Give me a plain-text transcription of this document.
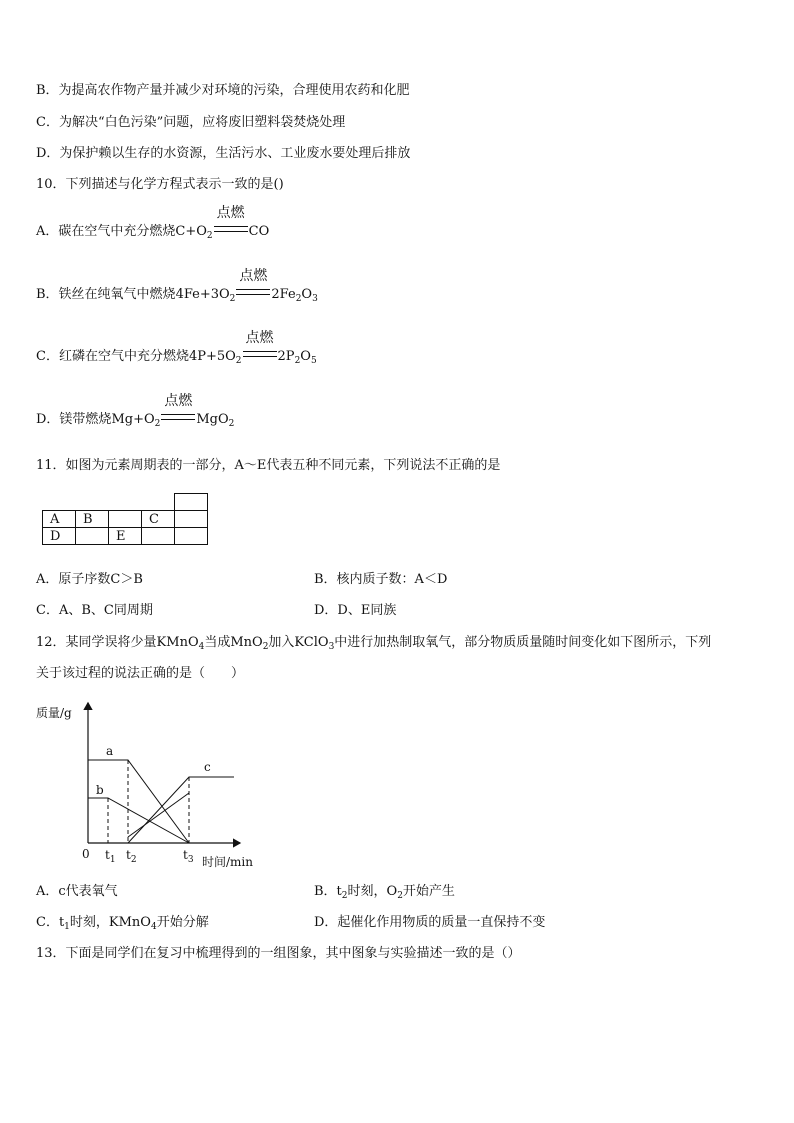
B．为提高农作物产量并减少对环境的污染，合理使用农药和化肥
C．为解决“白色污染”问题，应将废旧塑料袋焚烧处理
D．为保护赖以生存的水资源，生活污水、工业废水要处理后排放
10．下列描述与化学方程式表示一致的是()
A．碳在空气中充分燃烧$C+O_2$
点燃
CO
B．铁丝在纯氧气中燃烧$4Fe+3O_2$
点燃
$2Fe_2O_3$
C．红磷在空气中充分燃烧$4P+5O_2$
点燃
$2P_2O_5$
D．镁带燃烧$Mg+O_2$
点燃
MgO$_2$
11．如图为元素周期表的一部分，A～E代表五种不同元素，下列说法不正确的是

A	B		C	
D		E		
A．原子序数C＞B	B．核内质子数：A＜D
C．A、B、C同周期	D．D、E同族
12．某同学误将少量KMnO$_4$当成MnO$_2$加入KClO$_3$中进行加热制取氧气，部分物质质量随时间变化如下图所示，下列
关于该过程的说法正确的是（　　）
质量/g
a
b
c
0 $t_1$ $t_2$	$t_3$ 时间/min
A．c代表氧气	B．$t_2$时刻，$O_2$开始产生
C．$t_1$时刻，KMnO$_4$开始分解	D．起催化作用物质的质量一直保持不变
13．下面是同学们在复习中梳理得到的一组图象，其中图象与实验描述一致的是（）
